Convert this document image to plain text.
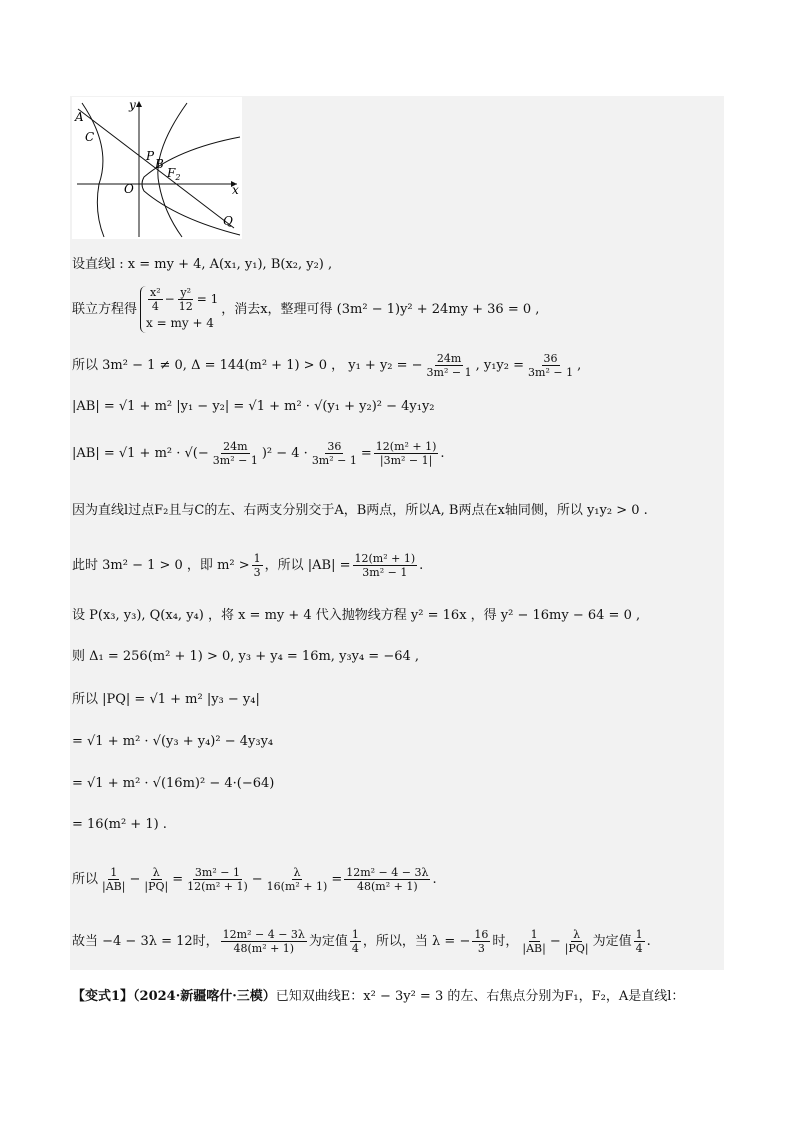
y
x
A
C
P
B
$F_2$
O
Q
设直线l : x = my + 4, A(x₁, y₁), B(x₂, y₂) ,
联立方程得 $\frac{\text{x²}}{4} - \frac{\text{y²}}{12} = 1$
x = my + 4
，消去x，整理可得 (3m² − 1)y² + 24my + 36 = 0 ,
所以 3m² − 1 ≠ 0, Δ = 144(m² + 1) > 0 ， y₁ + y₂ = − $\frac{24m}{\text{3m² − 1}}$ , $y_1y_2 = \frac{36}{\text{3m² − 1}}$ ,
|AB| = √1 + m² |y₁ − y₂| = √1 + m² · √(y₁ + y₂)² − 4y₁y₂
|AB| = √1 + m² · √(− $\frac{24m}{\text{3m² − 1}} )^2 - 4 \cdot \frac{36}{\text{3m² − 1}} = \frac{\text{12(m² + 1)}}{\text{|3m² − 1|}}$ .
因为直线l过点F₂且与C的左、右两支分别交于A，B两点，所以A, B两点在x轴同侧，所以 y₁y₂ > 0 .
此时 3m² − 1 > 0 ，即 $m^2 > \frac{1}{3}$ ，所以 $|AB| = \frac{\text{12(m² + 1)}}{\text{3m² − 1}}$ .
设 P(x₃, y₃), Q(x₄, y₄) ，将 x = my + 4 代入抛物线方程 y² = 16x ，得 y² − 16my − 64 = 0 ,
则 Δ₁ = 256(m² + 1) > 0, y₃ + y₄ = 16m, y₃y₄ = −64 ,
所以 |PQ| = √1 + m² |y₃ − y₄|
= √1 + m² · √(y₃ + y₄)² − 4y₃y₄
= √1 + m² · √(16m)² − 4·(−64)
= 16(m² + 1) .
所以 $\frac{1}{|AB|} - \frac{\lambda}{|PQ|} = \frac{\text{3m² − 1}}{\text{12(m² + 1)}} - \frac{\lambda}{\text{16(m² + 1)}} = \frac{\text{12m² − 4 − 3λ}}{\text{48(m² + 1)}}$ .
故当 −4 − 3λ = 12时， $\frac{\text{12m² − 4 − 3λ}}{\text{48(m² + 1)}}$ 为定值 $\frac{1}{4}$ ，所以，当 λ = − $\frac{16}{3}$ 时， $\frac{1}{|AB|} - \frac{\lambda}{|PQ|}$ 为定值 $\frac{1}{4}$ .
【变式1】（2024·新疆喀什·三模）已知双曲线E：x² − 3y² = 3 的左、右焦点分别为F₁，F₂，A是直线l：
